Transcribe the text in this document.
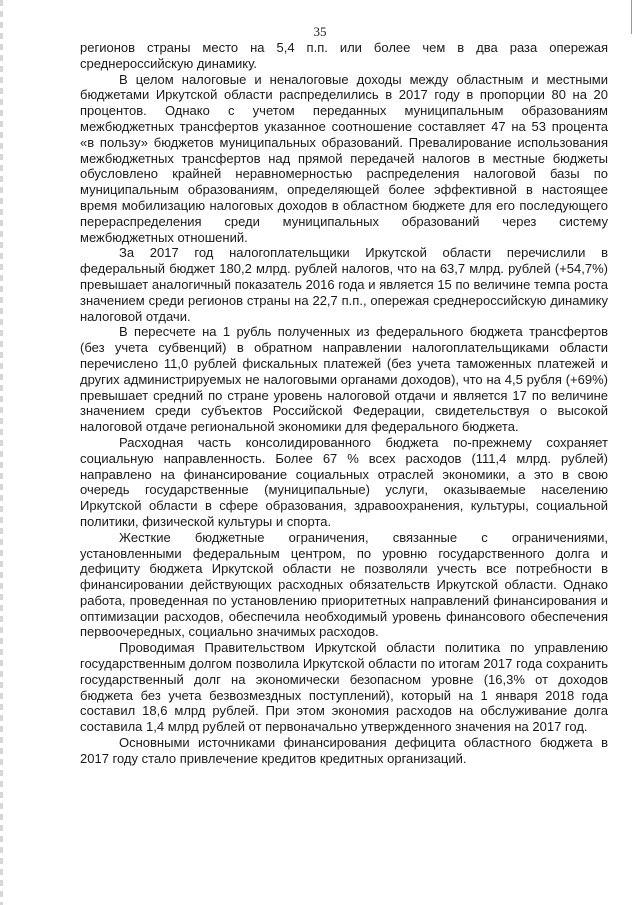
35

регионов страны место на 5,4 п.п. или более чем в два раза опережая среднероссийскую динамику.

В целом налоговые и неналоговые доходы между областным и местными бюджетами Иркутской области распределились в 2017 году в пропорции 80 на 20 процентов. Однако с учетом переданных муниципальным образованиям межбюджетных трансфертов указанное соотношение составляет 47 на 53 процента «в пользу» бюджетов муниципальных образований. Превалирование использования межбюджетных трансфертов над прямой передачей налогов в местные бюджеты обусловлено крайней неравномерностью распределения налоговой базы по муниципальным образованиям, определяющей более эффективной в настоящее время мобилизацию налоговых доходов в областном бюджете для его последующего перераспределения среди муниципальных образований через систему межбюджетных отношений.

За 2017 год налогоплательщики Иркутской области перечислили в федеральный бюджет 180,2 млрд. рублей налогов, что на 63,7 млрд. рублей (+54,7%) превышает аналогичный показатель 2016 года и является 15 по величине темпа роста значением среди регионов страны на 22,7 п.п., опережая среднероссийскую динамику налоговой отдачи.

В пересчете на 1 рубль полученных из федерального бюджета трансфертов (без учета субвенций) в обратном направлении налогоплательщиками области перечислено 11,0 рублей фискальных платежей (без учета таможенных платежей и других администрируемых не налоговыми органами доходов), что на 4,5 рубля (+69%) превышает средний по стране уровень налоговой отдачи и является 17 по величине значением среди субъектов Российской Федерации, свидетельствуя о высокой налоговой отдаче региональной экономики для федерального бюджета.

Расходная часть консолидированного бюджета по-прежнему сохраняет социальную направленность. Более 67 % всех расходов (111,4 млрд. рублей) направлено на финансирование социальных отраслей экономики, а это в свою очередь государственные (муниципальные) услуги, оказываемые населению Иркутской области в сфере образования, здравоохранения, культуры, социальной политики, физической культуры и спорта.

Жесткие бюджетные ограничения, связанные с ограничениями, установленными федеральным центром, по уровню государственного долга и дефициту бюджета Иркутской области не позволяли учесть все потребности в финансировании действующих расходных обязательств Иркутской области. Однако работа, проведенная по установлению приоритетных направлений финансирования и оптимизации расходов, обеспечила необходимый уровень финансового обеспечения первоочередных, социально значимых расходов.

Проводимая Правительством Иркутской области политика по управлению государственным долгом позволила Иркутской области по итогам 2017 года сохранить государственный долг на экономически безопасном уровне (16,3% от доходов бюджета без учета безвозмездных поступлений), который на 1 января 2018 года составил 18,6 млрд рублей. При этом экономия расходов на обслуживание долга составила 1,4 млрд рублей от первоначально утвержденного значения на 2017 год.

Основными источниками финансирования дефицита областного бюджета в 2017 году стало привлечение кредитов кредитных организаций.
